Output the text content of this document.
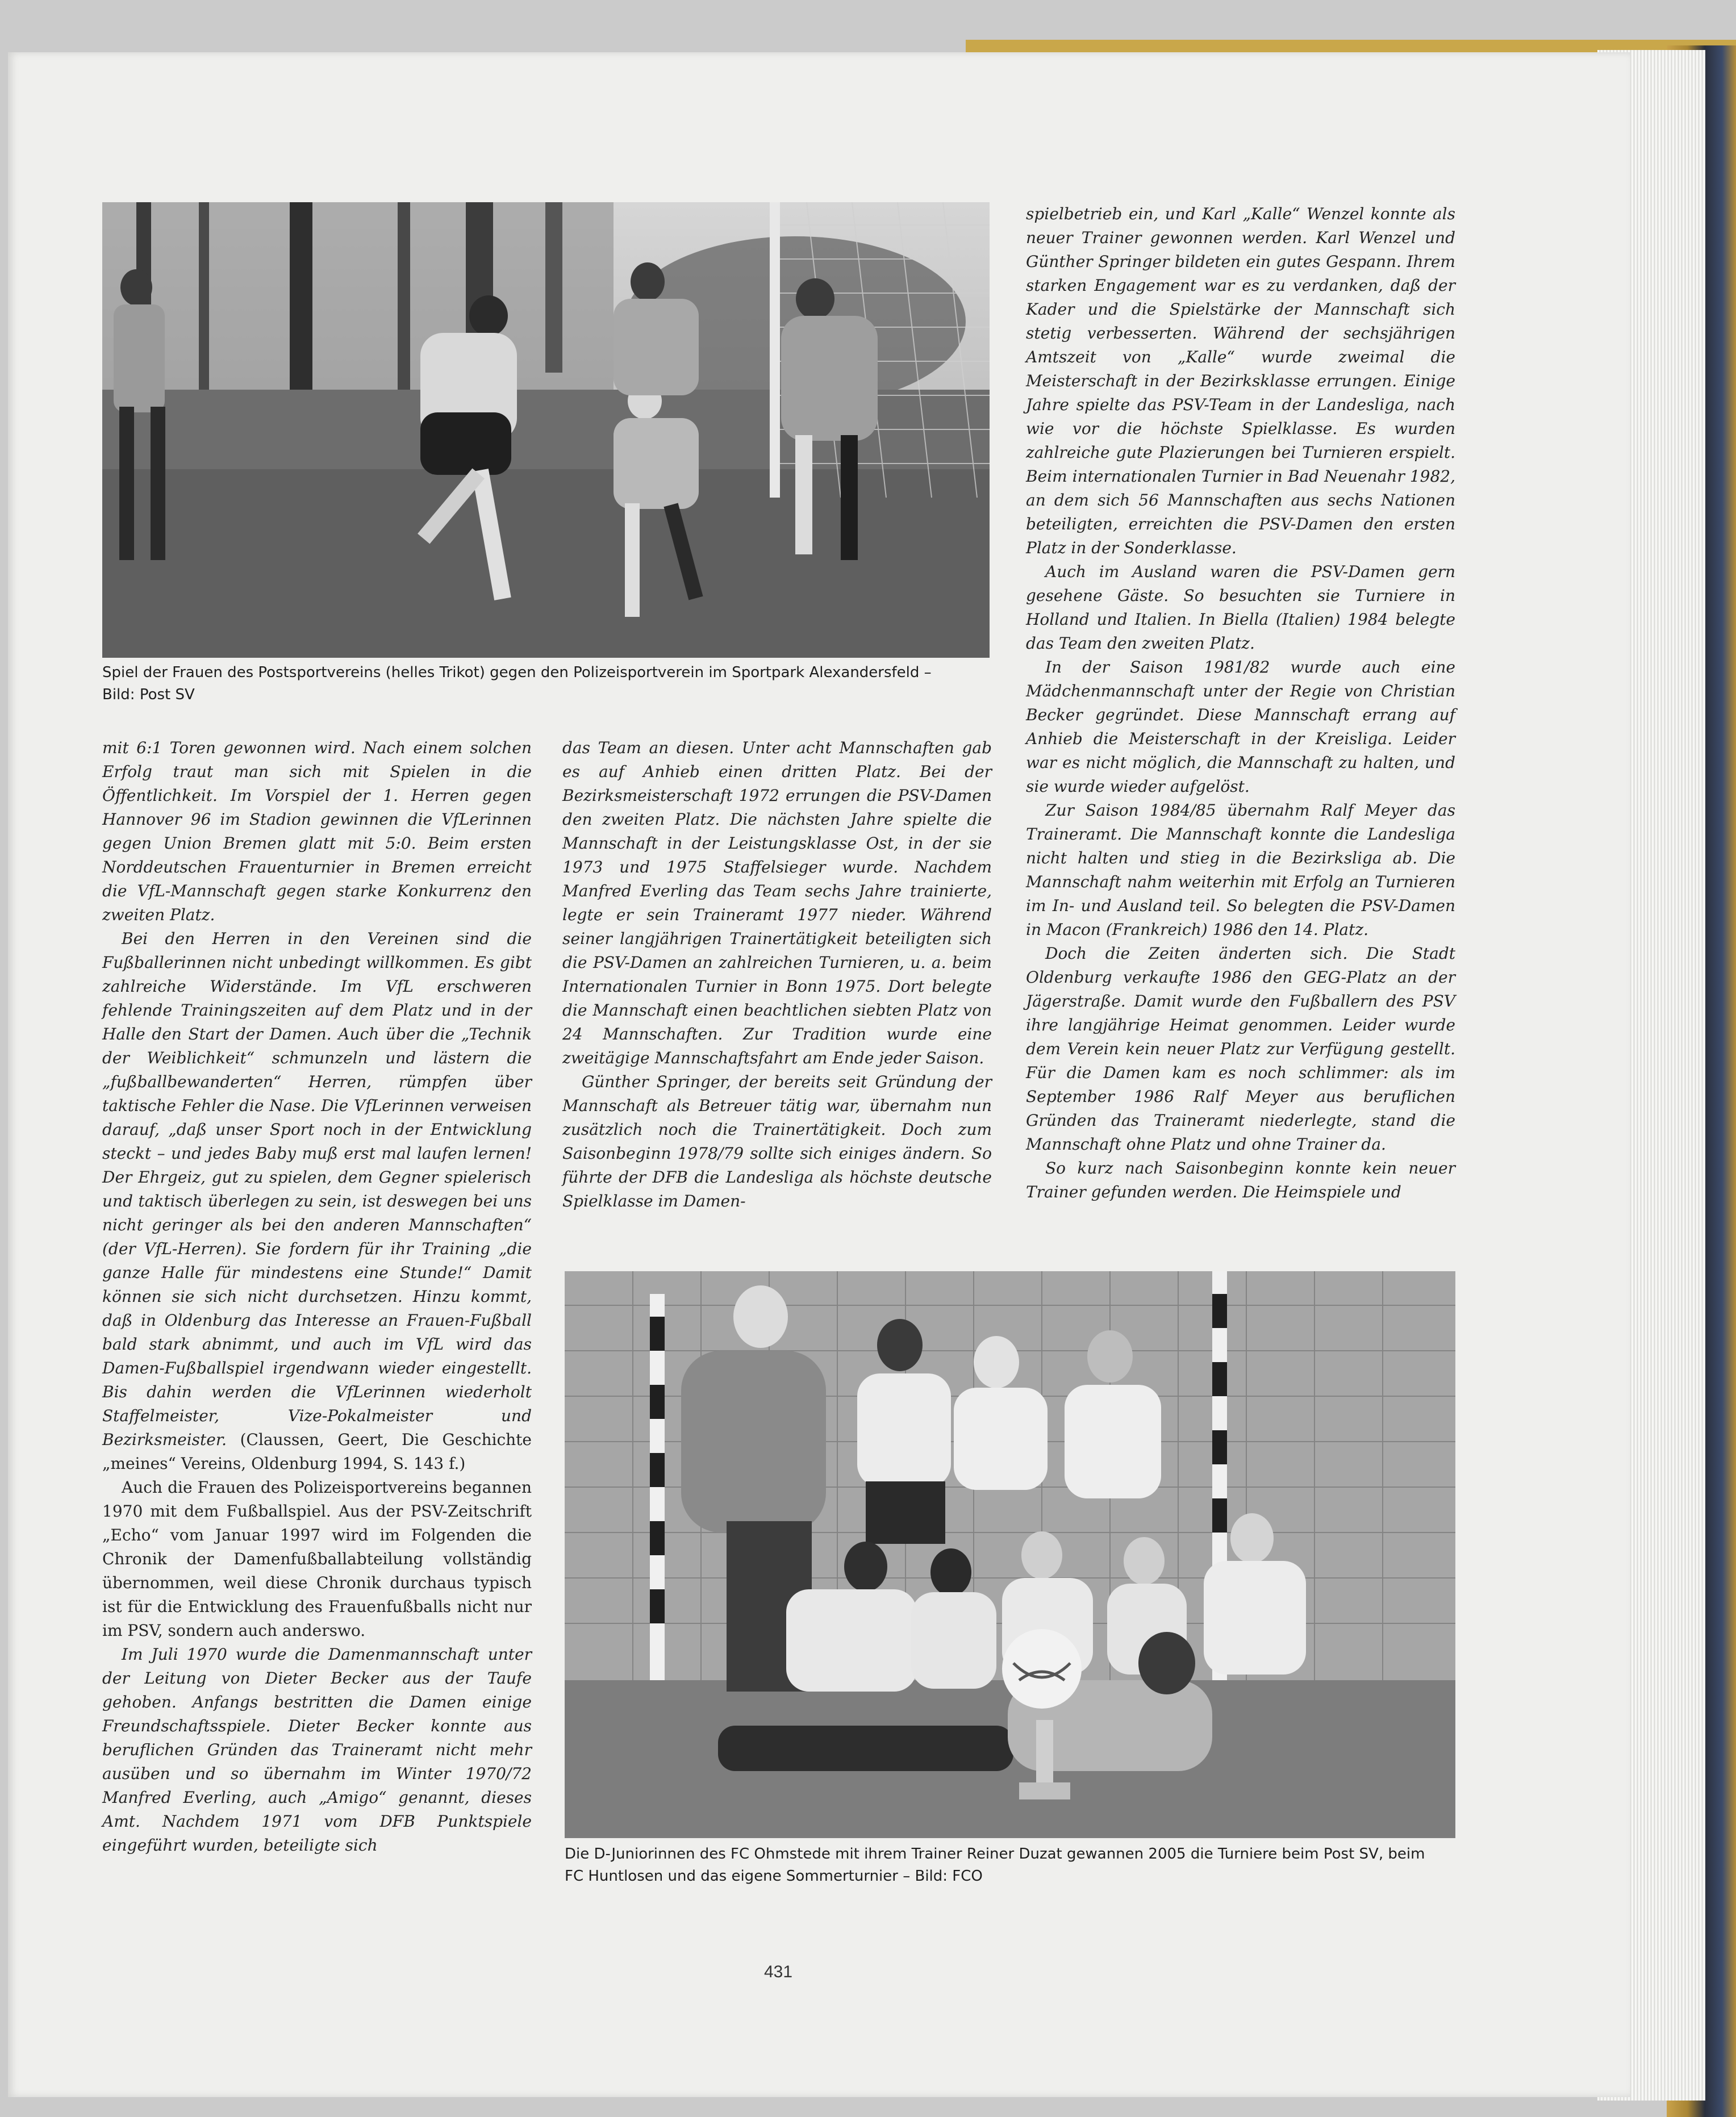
Spiel der Frauen des Postsportvereins (helles Trikot) gegen den Polizeisportverein im Sportpark Alexandersfeld – Bild: Post SV

spielbetrieb ein, und Karl „Kalle“ Wenzel konnte als neuer Trainer gewonnen werden. Karl Wenzel und Günther Springer bildeten ein gutes Gespann. Ihrem starken Engagement war es zu verdanken, daß der Kader und die Spielstärke der Mannschaft sich stetig verbesserten. Während der sechsjährigen Amtszeit von „Kalle“ wurde zweimal die Meisterschaft in der Bezirksklasse errungen. Einige Jahre spielte das PSV-Team in der Landesliga, nach wie vor die höchste Spielklasse. Es wurden zahlreiche gute Plazierungen bei Turnieren erspielt. Beim internationalen Turnier in Bad Neuenahr 1982, an dem sich 56 Mannschaften aus sechs Nationen beteiligten, erreichten die PSV-Damen den ersten Platz in der Sonderklasse.

Auch im Ausland waren die PSV-Damen gern gesehene Gäste. So besuchten sie Turniere in Holland und Italien. In Biella (Italien) 1984 belegte das Team den zweiten Platz.

In der Saison 1981/82 wurde auch eine Mädchenmannschaft unter der Regie von Christian Becker gegründet. Diese Mannschaft errang auf Anhieb die Meisterschaft in der Kreisliga. Leider war es nicht möglich, die Mannschaft zu halten, und sie wurde wieder aufgelöst.

Zur Saison 1984/85 übernahm Ralf Meyer das Traineramt. Die Mannschaft konnte die Landesliga nicht halten und stieg in die Bezirksliga ab. Die Mannschaft nahm weiterhin mit Erfolg an Turnieren im In- und Ausland teil. So belegten die PSV-Damen in Macon (Frankreich) 1986 den 14. Platz.

Doch die Zeiten änderten sich. Die Stadt Oldenburg verkaufte 1986 den GEG-Platz an der Jägerstraße. Damit wurde den Fußballern des PSV ihre langjährige Heimat genommen. Leider wurde dem Verein kein neuer Platz zur Verfügung gestellt. Für die Damen kam es noch schlimmer: als im September 1986 Ralf Meyer aus beruflichen Gründen das Traineramt niederlegte, stand die Mannschaft ohne Platz und ohne Trainer da.

So kurz nach Saisonbeginn konnte kein neuer Trainer gefunden werden. Die Heimspiele und

mit 6:1 Toren gewonnen wird. Nach einem solchen Erfolg traut man sich mit Spielen in die Öffentlichkeit. Im Vorspiel der 1. Herren gegen Hannover 96 im Stadion gewinnen die VfLerinnen gegen Union Bremen glatt mit 5:0. Beim ersten Norddeutschen Frauenturnier in Bremen erreicht die VfL-Mannschaft gegen starke Konkurrenz den zweiten Platz.

Bei den Herren in den Vereinen sind die Fußballerinnen nicht unbedingt willkommen. Es gibt zahlreiche Widerstände. Im VfL erschweren fehlende Trainingszeiten auf dem Platz und in der Halle den Start der Damen. Auch über die „Technik der Weiblichkeit“ schmunzeln und lästern die „fußballbewanderten“ Herren, rümpfen über taktische Fehler die Nase. Die VfLerinnen verweisen darauf, „daß unser Sport noch in der Entwicklung steckt – und jedes Baby muß erst mal laufen lernen! Der Ehrgeiz, gut zu spielen, dem Gegner spielerisch und taktisch überlegen zu sein, ist deswegen bei uns nicht geringer als bei den anderen Mannschaften“ (der VfL-Herren). Sie fordern für ihr Training „die ganze Halle für mindestens eine Stunde!“ Damit können sie sich nicht durchsetzen. Hinzu kommt, daß in Oldenburg das Interesse an Frauen-Fußball bald stark abnimmt, und auch im VfL wird das Damen-Fußballspiel irgendwann wieder eingestellt. Bis dahin werden die VfLerinnen wiederholt Staffelmeister, Vize-Pokalmeister und Bezirksmeister. (Claussen, Geert, Die Geschichte „meines“ Vereins, Oldenburg 1994, S. 143 f.)

Auch die Frauen des Polizeisportvereins begannen 1970 mit dem Fußballspiel. Aus der PSV-Zeitschrift „Echo“ vom Januar 1997 wird im Folgenden die Chronik der Damenfußballabteilung vollständig übernommen, weil diese Chronik durchaus typisch ist für die Entwicklung des Frauenfußballs nicht nur im PSV, sondern auch anderswo.

Im Juli 1970 wurde die Damenmannschaft unter der Leitung von Dieter Becker aus der Taufe gehoben. Anfangs bestritten die Damen einige Freundschaftsspiele. Dieter Becker konnte aus beruflichen Gründen das Traineramt nicht mehr ausüben und so übernahm im Winter 1970/72 Manfred Everling, auch „Amigo“ genannt, dieses Amt. Nachdem 1971 vom DFB Punktspiele eingeführt wurden, beteiligte sich

das Team an diesen. Unter acht Mannschaften gab es auf Anhieb einen dritten Platz. Bei der Bezirksmeisterschaft 1972 errungen die PSV-Damen den zweiten Platz. Die nächsten Jahre spielte die Mannschaft in der Leistungsklasse Ost, in der sie 1973 und 1975 Staffelsieger wurde. Nachdem Manfred Everling das Team sechs Jahre trainierte, legte er sein Traineramt 1977 nieder. Während seiner langjährigen Trainertätigkeit beteiligten sich die PSV-Damen an zahlreichen Turnieren, u. a. beim Internationalen Turnier in Bonn 1975. Dort belegte die Mannschaft einen beachtlichen siebten Platz von 24 Mannschaften. Zur Tradition wurde eine zweitägige Mannschaftsfahrt am Ende jeder Saison.

Günther Springer, der bereits seit Gründung der Mannschaft als Betreuer tätig war, übernahm nun zusätzlich noch die Trainertätigkeit. Doch zum Saisonbeginn 1978/79 sollte sich einiges ändern. So führte der DFB die Landesliga als höchste deutsche Spielklasse im Damen-

Die D-Juniorinnen des FC Ohmstede mit ihrem Trainer Reiner Duzat gewannen 2005 die Turniere beim Post SV, beim FC Huntlosen und das eigene Sommerturnier – Bild: FCO

431
